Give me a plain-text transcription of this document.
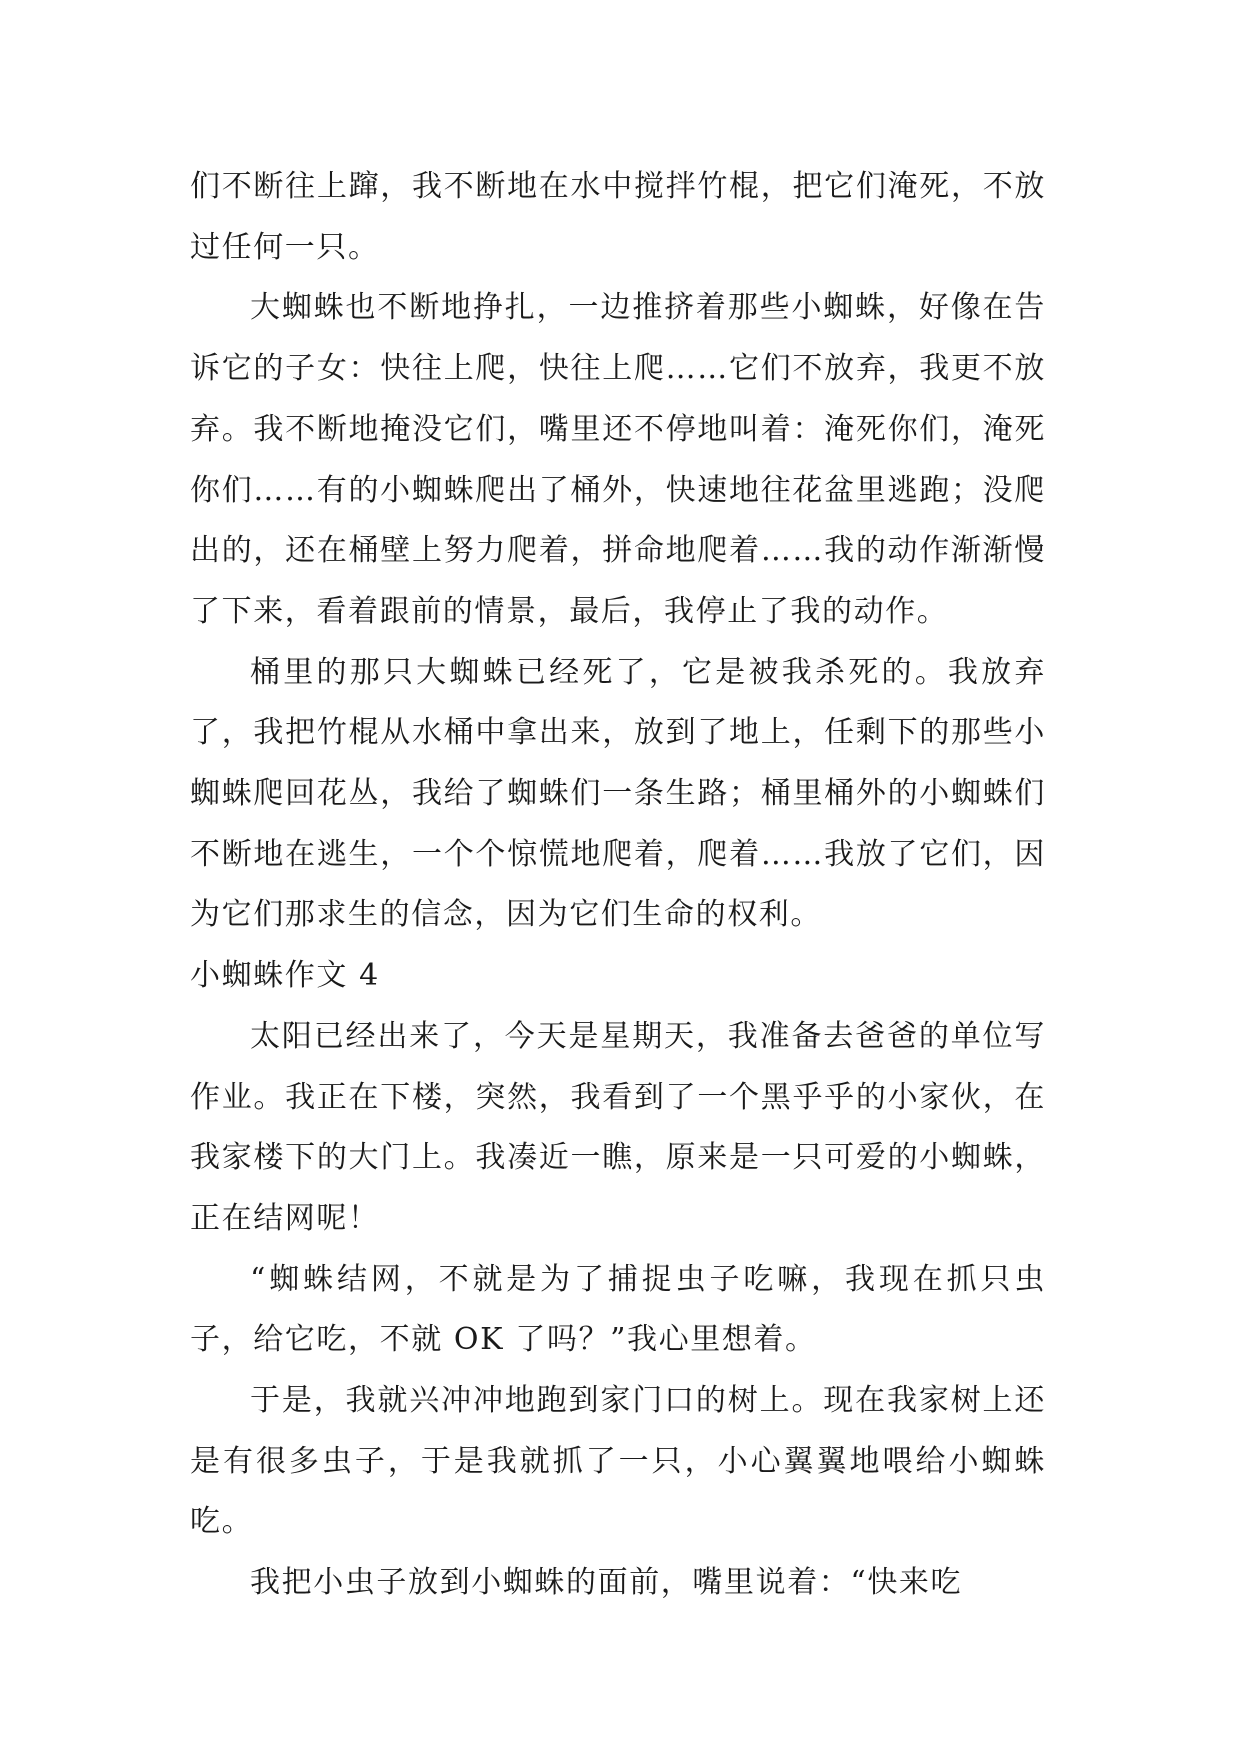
们不断往上蹿，我不断地在水中搅拌竹棍，把它们淹死，不放过任何一只。

大蜘蛛也不断地挣扎，一边推挤着那些小蜘蛛，好像在告诉它的子女：快往上爬，快往上爬……它们不放弃，我更不放弃。我不断地掩没它们，嘴里还不停地叫着：淹死你们，淹死你们……有的小蜘蛛爬出了桶外，快速地往花盆里逃跑；没爬出的，还在桶壁上努力爬着，拼命地爬着……我的动作渐渐慢了下来，看着跟前的情景，最后，我停止了我的动作。

桶里的那只大蜘蛛已经死了，它是被我杀死的。我放弃了，我把竹棍从水桶中拿出来，放到了地上，任剩下的那些小蜘蛛爬回花丛，我给了蜘蛛们一条生路；桶里桶外的小蜘蛛们不断地在逃生，一个个惊慌地爬着，爬着……我放了它们，因为它们那求生的信念，因为它们生命的权利。

小蜘蛛作文 4

太阳已经出来了，今天是星期天，我准备去爸爸的单位写作业。我正在下楼，突然，我看到了一个黑乎乎的小家伙，在我家楼下的大门上。我凑近一瞧，原来是一只可爱的小蜘蛛，正在结网呢！

“蜘蛛结网，不就是为了捕捉虫子吃嘛，我现在抓只虫子，给它吃，不就 OK 了吗？”我心里想着。

于是，我就兴冲冲地跑到家门口的树上。现在我家树上还是有很多虫子，于是我就抓了一只，小心翼翼地喂给小蜘蛛吃。

我把小虫子放到小蜘蛛的面前，嘴里说着：“快来吃
